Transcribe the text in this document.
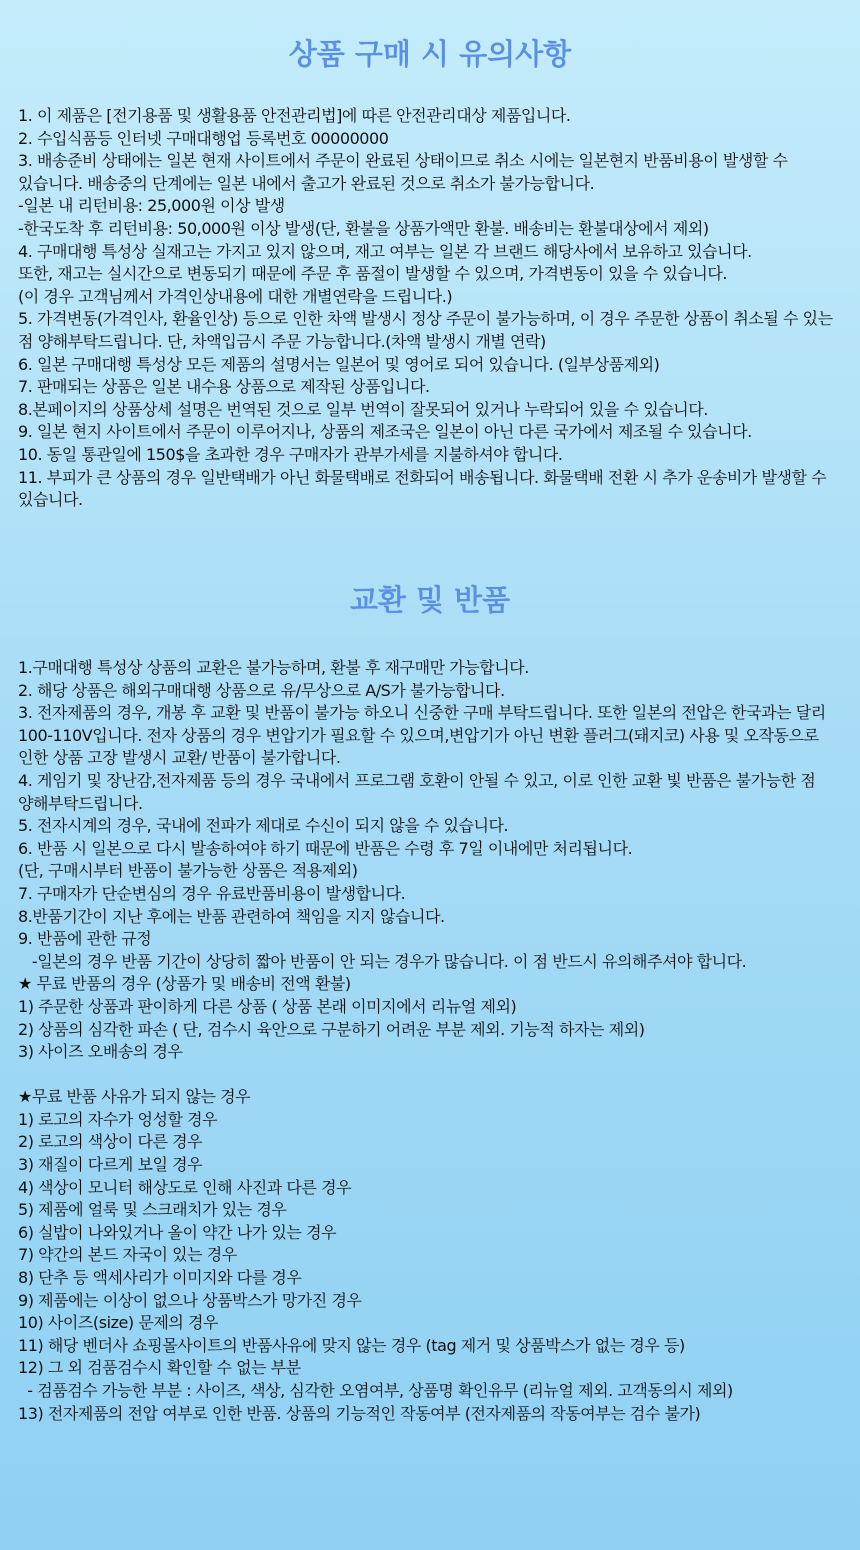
상품 구매 시 유의사항
1. 이 제품은 [전기용품 및 생활용품 안전관리법]에 따른 안전관리대상 제품입니다.
2. 수입식품등 인터넷 구매대행업 등록번호 00000000
3. 배송준비 상태에는 일본 현재 사이트에서 주문이 완료된 상태이므로 취소 시에는 일본현지 반품비용이 발생할 수 있습니다. 배송중의 단계에는 일본 내에서 출고가 완료된 것으로 취소가 불가능합니다.
-일본 내 리턴비용: 25,000원 이상 발생
-한국도착 후 리턴비용: 50,000원 이상 발생(단, 환불을 상품가액만 환불. 배송비는 환불대상에서 제외)
4. 구매대행 특성상 실재고는 가지고 있지 않으며, 재고 여부는 일본 각 브랜드 해당사에서 보유하고 있습니다.
또한, 재고는 실시간으로 변동되기 때문에 주문 후 품절이 발생할 수 있으며, 가격변동이 있을 수 있습니다.
(이 경우 고객님께서 가격인상내용에 대한 개별연락을 드립니다.)
5. 가격변동(가격인사, 환율인상) 등으로 인한 차액 발생시 정상 주문이 불가능하며, 이 경우 주문한 상품이 취소될 수 있는 점 양해부탁드립니다. 단, 차액입금시 주문 가능합니다.(차액 발생시 개별 연락)
6. 일본 구매대행 특성상 모든 제품의 설명서는 일본어 및 영어로 되어 있습니다. (일부상품제외)
7. 판매되는 상품은 일본 내수용 상품으로 제작된 상품입니다.
8.본페이지의 상품상세 설명은 번역된 것으로 일부 번역이 잘못되어 있거나 누락되어 있을 수 있습니다.
9. 일본 현지 사이트에서 주문이 이루어지나, 상품의 제조국은 일본이 아닌 다른 국가에서 제조될 수 있습니다.
10. 동일 통관일에 150$을 초과한 경우 구매자가 관부가세를 지불하셔야 합니다.
11. 부피가 큰 상품의 경우 일반택배가 아닌 화물택배로 전화되어 배송됩니다. 화물택배 전환 시 추가 운송비가 발생할 수 있습니다.
교환 및 반품
1.구매대행 특성상 상품의 교환은 불가능하며, 환불 후 재구매만 가능합니다.
2. 해당 상품은 해외구매대행 상품으로 유/무상으로 A/S가 불가능합니다.
3. 전자제품의 경우, 개봉 후 교환 및 반품이 불가능 하오니 신중한 구매 부탁드립니다. 또한 일본의 전압은 한국과는 달리 100-110V입니다. 전자 상품의 경우 변압기가 필요할 수 있으며,변압기가 아닌 변환 플러그(돼지코) 사용 및 오작동으로 인한 상품 고장 발생시 교환/ 반품이 불가합니다.
4. 게임기 및 장난감,전자제품 등의 경우 국내에서 프로그램 호환이 안될 수 있고, 이로 인한 교환 빛 반품은 불가능한 점 양해부탁드립니다.
5. 전자시계의 경우, 국내에 전파가 제대로 수신이 되지 않을 수 있습니다.
6. 반품 시 일본으로 다시 발송하여야 하기 때문에 반품은 수령 후 7일 이내에만 처리됩니다.
(단, 구매시부터 반품이 불가능한 상품은 적용제외)
7. 구매자가 단순변심의 경우 유료반품비용이 발생합니다.
8.반품기간이 지난 후에는 반품 관련하여 책임을 지지 않습니다.
9. 반품에 관한 규정
-일본의 경우 반품 기간이 상당히 짧아 반품이 안 되는 경우가 많습니다. 이 점 반드시 유의해주셔야 합니다.
★ 무료 반품의 경우 (상품가 및 배송비 전액 환불)
1) 주문한 상품과 판이하게 다른 상품 ( 상품 본래 이미지에서 리뉴얼 제외)
2) 상품의 심각한 파손 ( 단, 검수시 육안으로 구분하기 어려운 부분 제외. 기능적 하자는 제외)
3) 사이즈 오배송의 경우
★무료 반품 사유가 되지 않는 경우
1) 로고의 자수가 엉성할 경우
2) 로고의 색상이 다른 경우
3) 재질이 다르게 보일 경우
4) 색상이 모니터 해상도로 인해 사진과 다른 경우
5) 제품에 얼룩 및 스크래치가 있는 경우
6) 실밥이 나와있거나 올이 약간 나가 있는 경우
7) 약간의 본드 자국이 있는 경우
8) 단추 등 액세사리가 이미지와 다를 경우
9) 제품에는 이상이 없으나 상품박스가 망가진 경우
10) 사이즈(size) 문제의 경우
11) 해당 벤더사 쇼핑몰사이트의 반품사유에 맞지 않는 경우 (tag 제거 및 상품박스가 없는 경우 등)
12) 그 외 검품검수시 확인할 수 없는 부분
- 검품검수 가능한 부분 : 사이즈, 색상, 심각한 오염여부, 상품명 확인유무 (리뉴얼 제외. 고객동의시 제외)
13) 전자제품의 전압 여부로 인한 반품. 상품의 기능적인 작동여부 (전자제품의 작동여부는 검수 불가)
